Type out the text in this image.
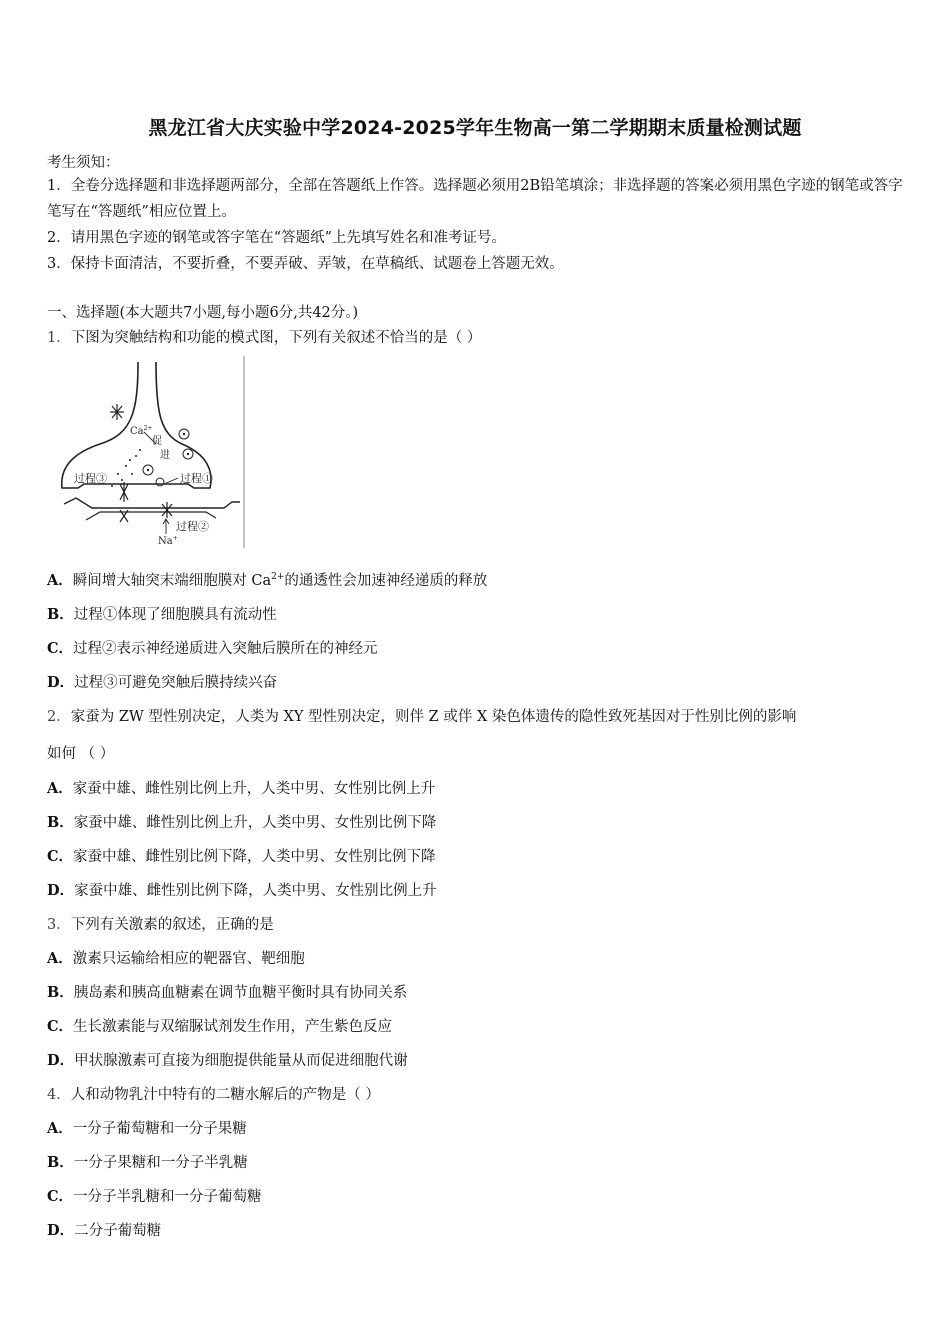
黑龙江省大庆实验中学2024-2025学年生物高一第二学期期末质量检测试题
考生须知：
1．全卷分选择题和非选择题两部分，全部在答题纸上作答。选择题必须用2B铅笔填涂；非选择题的答案必须用黑色字迹的钢笔或答字笔写在“答题纸”相应位置上。
2．请用黑色字迹的钢笔或答字笔在“答题纸”上先填写姓名和准考证号。
3．保持卡面清洁，不要折叠，不要弄破、弄皱，在草稿纸、试题卷上答题无效。
一、选择题(本大题共7小题,每小题6分,共42分。)
1．下图为突触结构和功能的模式图，下列有关叙述不恰当的是（ ）
$Ca^{2+}$
促
进
过程①
过程③
过程②
Na+
A．瞬间增大轴突末端细胞膜对 $Ca^{2+}$的通透性会加速神经递质的释放
B．过程①体现了细胞膜具有流动性
C．过程②表示神经递质进入突触后膜所在的神经元
D．过程③可避免突触后膜持续兴奋
2．家蚕为 ZW 型性别决定，人类为 XY 型性别决定，则伴 Z 或伴 X 染色体遗传的隐性致死基因对于性别比例的影响
如何 （ ）
A．家蚕中雄、雌性别比例上升，人类中男、女性别比例上升
B．家蚕中雄、雌性别比例上升，人类中男、女性别比例下降
C．家蚕中雄、雌性别比例下降，人类中男、女性别比例下降
D．家蚕中雄、雌性别比例下降，人类中男、女性别比例上升
3．下列有关激素的叙述，正确的是
A．激素只运输给相应的靶器官、靶细胞
B．胰岛素和胰高血糖素在调节血糖平衡时具有协同关系
C．生长激素能与双缩脲试剂发生作用，产生紫色反应
D．甲状腺激素可直接为细胞提供能量从而促进细胞代谢
4．人和动物乳汁中特有的二糖水解后的产物是（ ）
A．一分子葡萄糖和一分子果糖
B．一分子果糖和一分子半乳糖
C．一分子半乳糖和一分子葡萄糖
D．二分子葡萄糖
